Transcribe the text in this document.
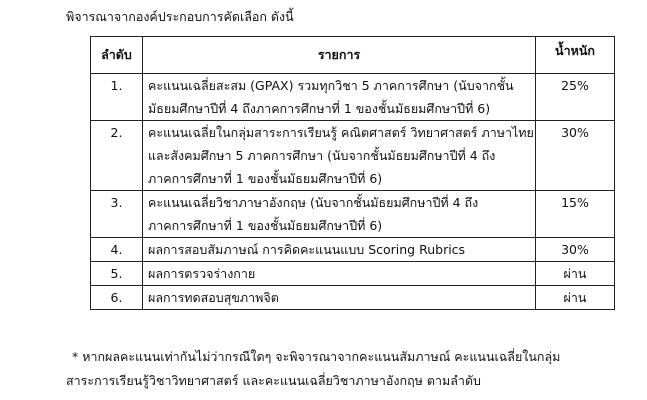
พิจารณาจากองค์ประกอบการคัดเลือก ดังนี้
ลำดับ	รายการ	น้ำหนัก
1.	คะแนนเฉลี่ยสะสม (GPAX) รวมทุกวิชา 5 ภาคการศึกษา (นับจากชั้น
มัธยมศึกษาปีที่ 4 ถึงภาคการศึกษาที่ 1 ของชั้นมัธยมศึกษาปีที่ 6)	25%
2.	คะแนนเฉลี่ยในกลุ่มสาระการเรียนรู้ คณิตศาสตร์ วิทยาศาสตร์ ภาษาไทย
และสังคมศึกษา 5 ภาคการศึกษา (นับจากชั้นมัธยมศึกษาปีที่ 4 ถึง
ภาคการศึกษาที่ 1 ของชั้นมัธยมศึกษาปีที่ 6)	30%
3.	คะแนนเฉลี่ยวิชาภาษาอังกฤษ (นับจากชั้นมัธยมศึกษาปีที่ 4 ถึง
ภาคการศึกษาที่ 1 ของชั้นมัธยมศึกษาปีที่ 6)	15%
4.	ผลการสอบสัมภาษณ์ การคิดคะแนนแบบ Scoring Rubrics	30%
5.	ผลการตรวจร่างกาย	ผ่าน
6.	ผลการทดสอบสุขภาพจิต	ผ่าน
* หากผลคะแนนเท่ากันไม่ว่ากรณีใดๆ จะพิจารณาจากคะแนนสัมภาษณ์ คะแนนเฉลี่ยในกลุ่ม
สาระการเรียนรู้วิชาวิทยาศาสตร์ และคะแนนเฉลี่ยวิชาภาษาอังกฤษ ตามลำดับ
